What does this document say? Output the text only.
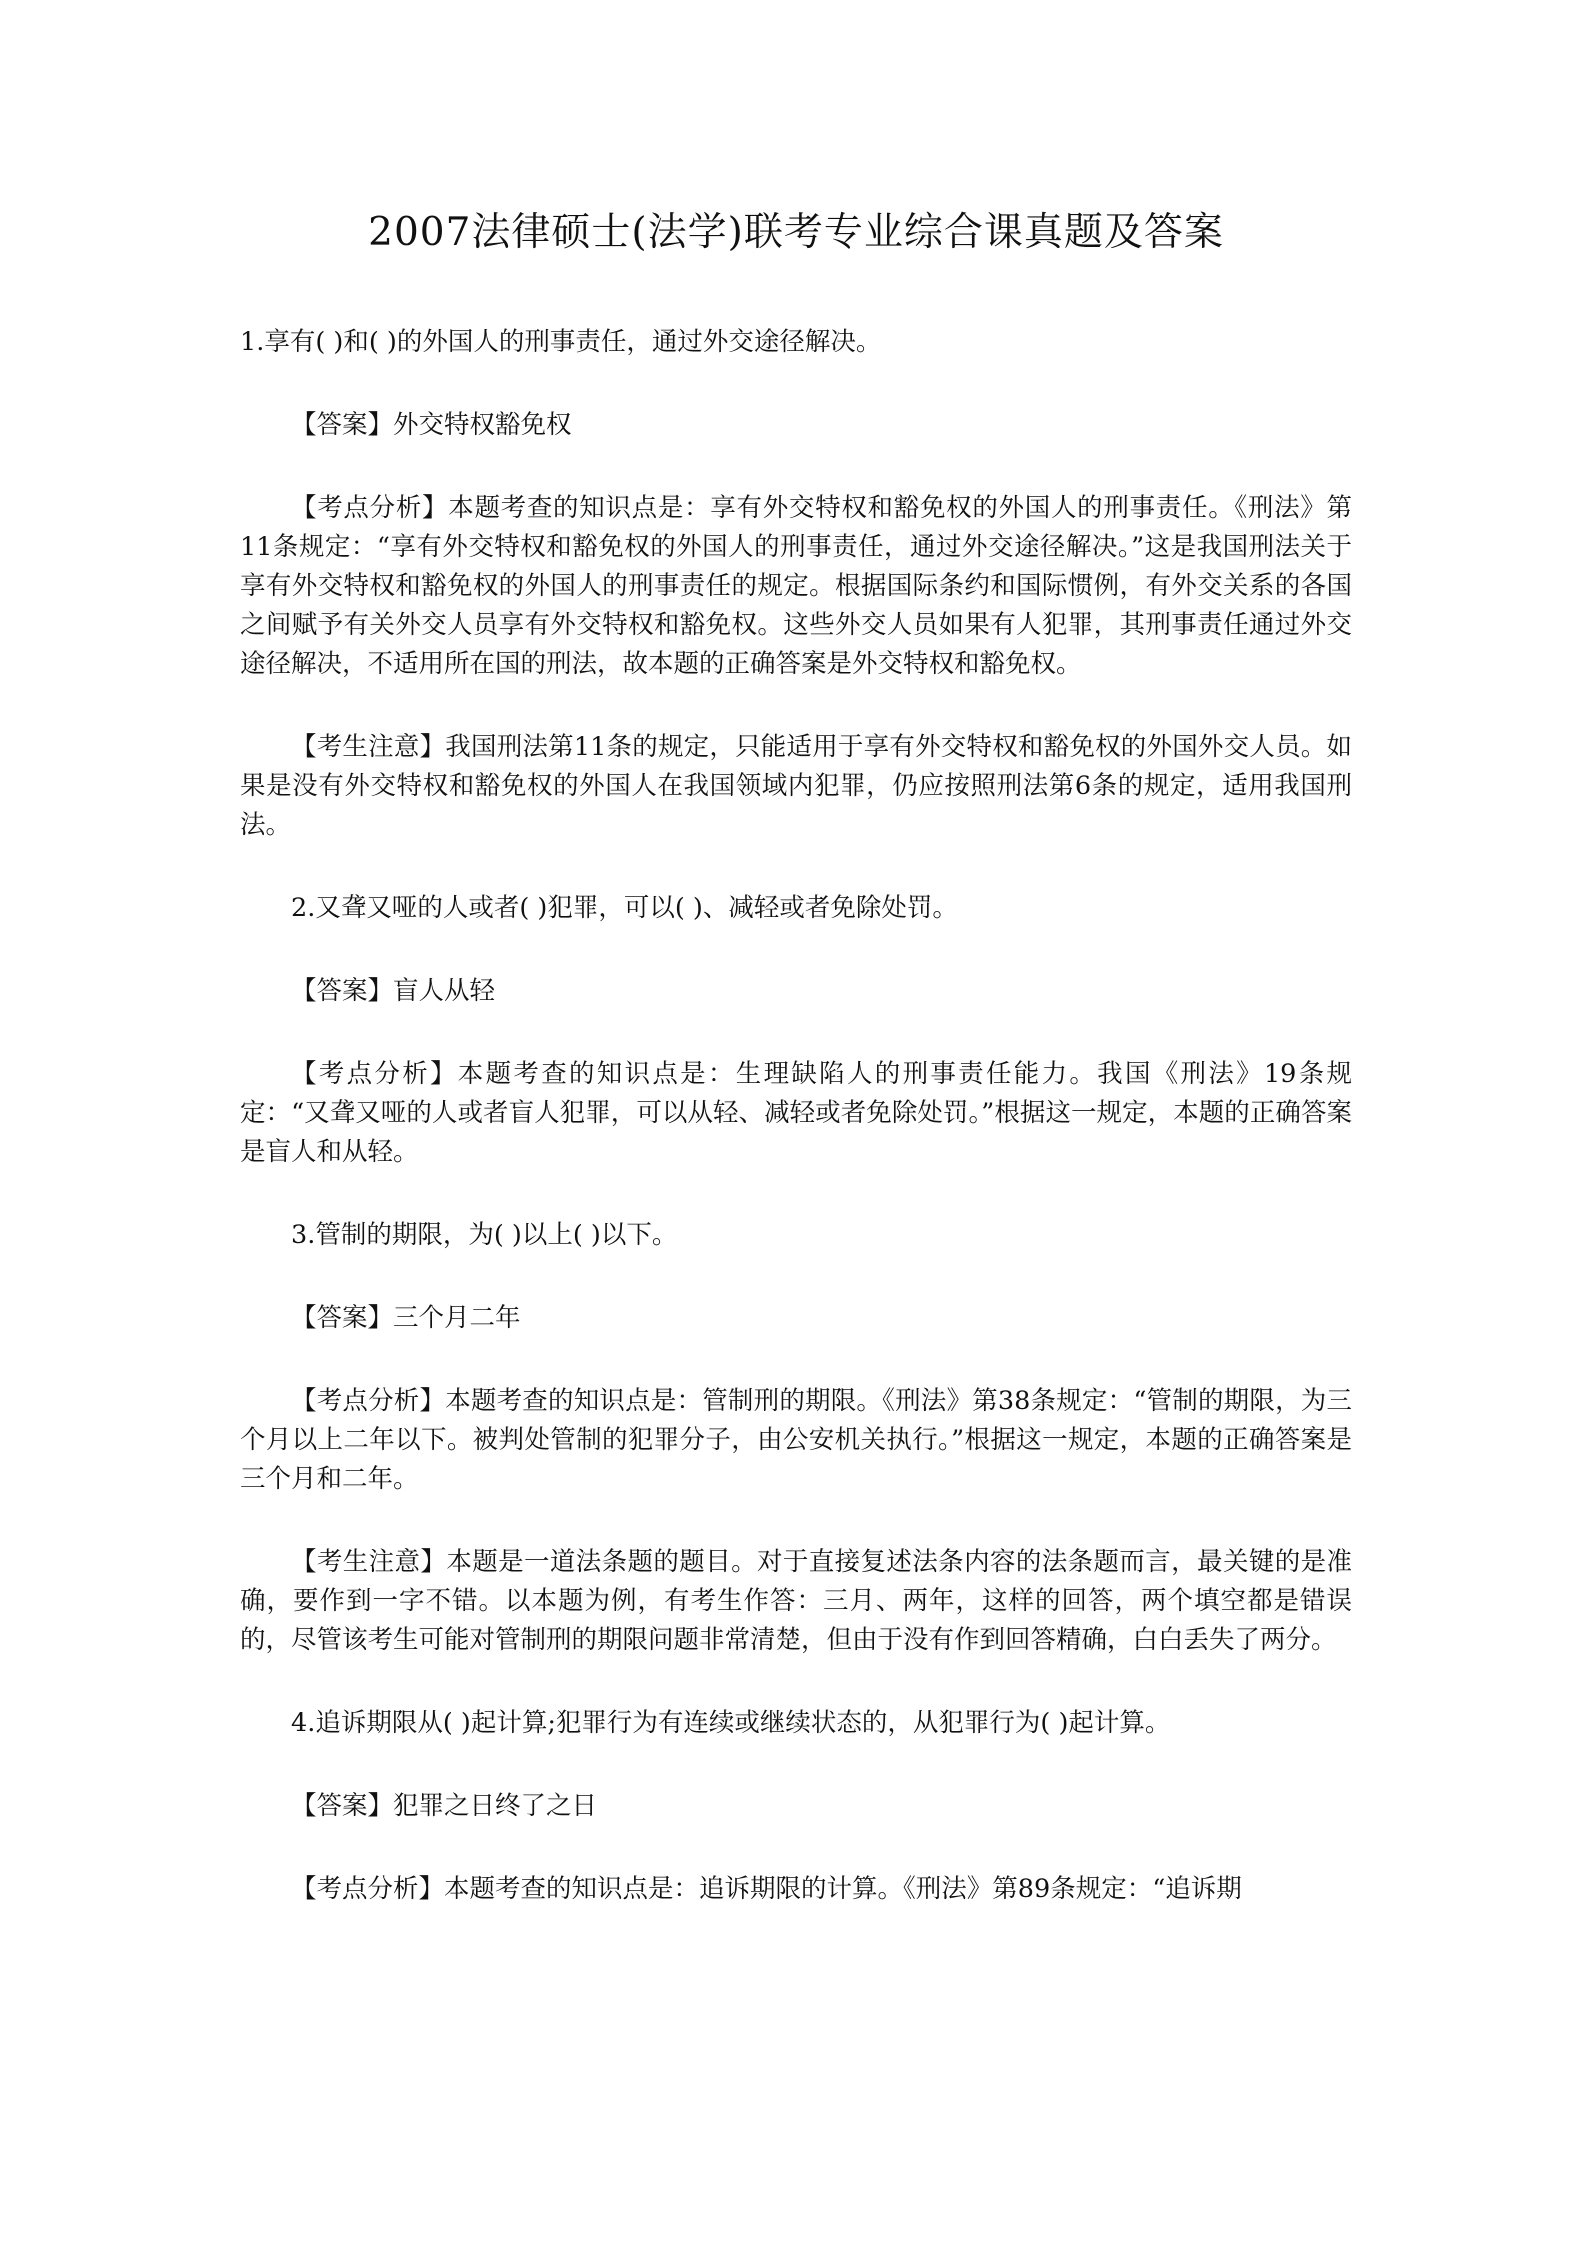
2007法律硕士(法学)联考专业综合课真题及答案

1.享有( )和( )的外国人的刑事责任，通过外交途径解决。

【答案】外交特权豁免权

【考点分析】本题考查的知识点是：享有外交特权和豁免权的外国人的刑事责任。《刑法》第11条规定：“享有外交特权和豁免权的外国人的刑事责任，通过外交途径解决。”这是我国刑法关于享有外交特权和豁免权的外国人的刑事责任的规定。根据国际条约和国际惯例，有外交关系的各国之间赋予有关外交人员享有外交特权和豁免权。这些外交人员如果有人犯罪，其刑事责任通过外交途径解决，不适用所在国的刑法，故本题的正确答案是外交特权和豁免权。

【考生注意】我国刑法第11条的规定，只能适用于享有外交特权和豁免权的外国外交人员。如果是没有外交特权和豁免权的外国人在我国领域内犯罪，仍应按照刑法第6条的规定，适用我国刑法。

2.又聋又哑的人或者( )犯罪，可以( )、减轻或者免除处罚。

【答案】盲人从轻

【考点分析】本题考查的知识点是：生理缺陷人的刑事责任能力。我国《刑法》19条规定：“又聋又哑的人或者盲人犯罪，可以从轻、减轻或者免除处罚。”根据这一规定，本题的正确答案是盲人和从轻。

3.管制的期限，为( )以上( )以下。

【答案】三个月二年

【考点分析】本题考查的知识点是：管制刑的期限。《刑法》第38条规定：“管制的期限，为三个月以上二年以下。被判处管制的犯罪分子，由公安机关执行。”根据这一规定，本题的正确答案是三个月和二年。

【考生注意】本题是一道法条题的题目。对于直接复述法条内容的法条题而言，最关键的是准确，要作到一字不错。以本题为例，有考生作答：三月、两年，这样的回答，两个填空都是错误的，尽管该考生可能对管制刑的期限问题非常清楚，但由于没有作到回答精确，白白丢失了两分。

4.追诉期限从( )起计算;犯罪行为有连续或继续状态的，从犯罪行为( )起计算。

【答案】犯罪之日终了之日

【考点分析】本题考查的知识点是：追诉期限的计算。《刑法》第89条规定：“追诉期
